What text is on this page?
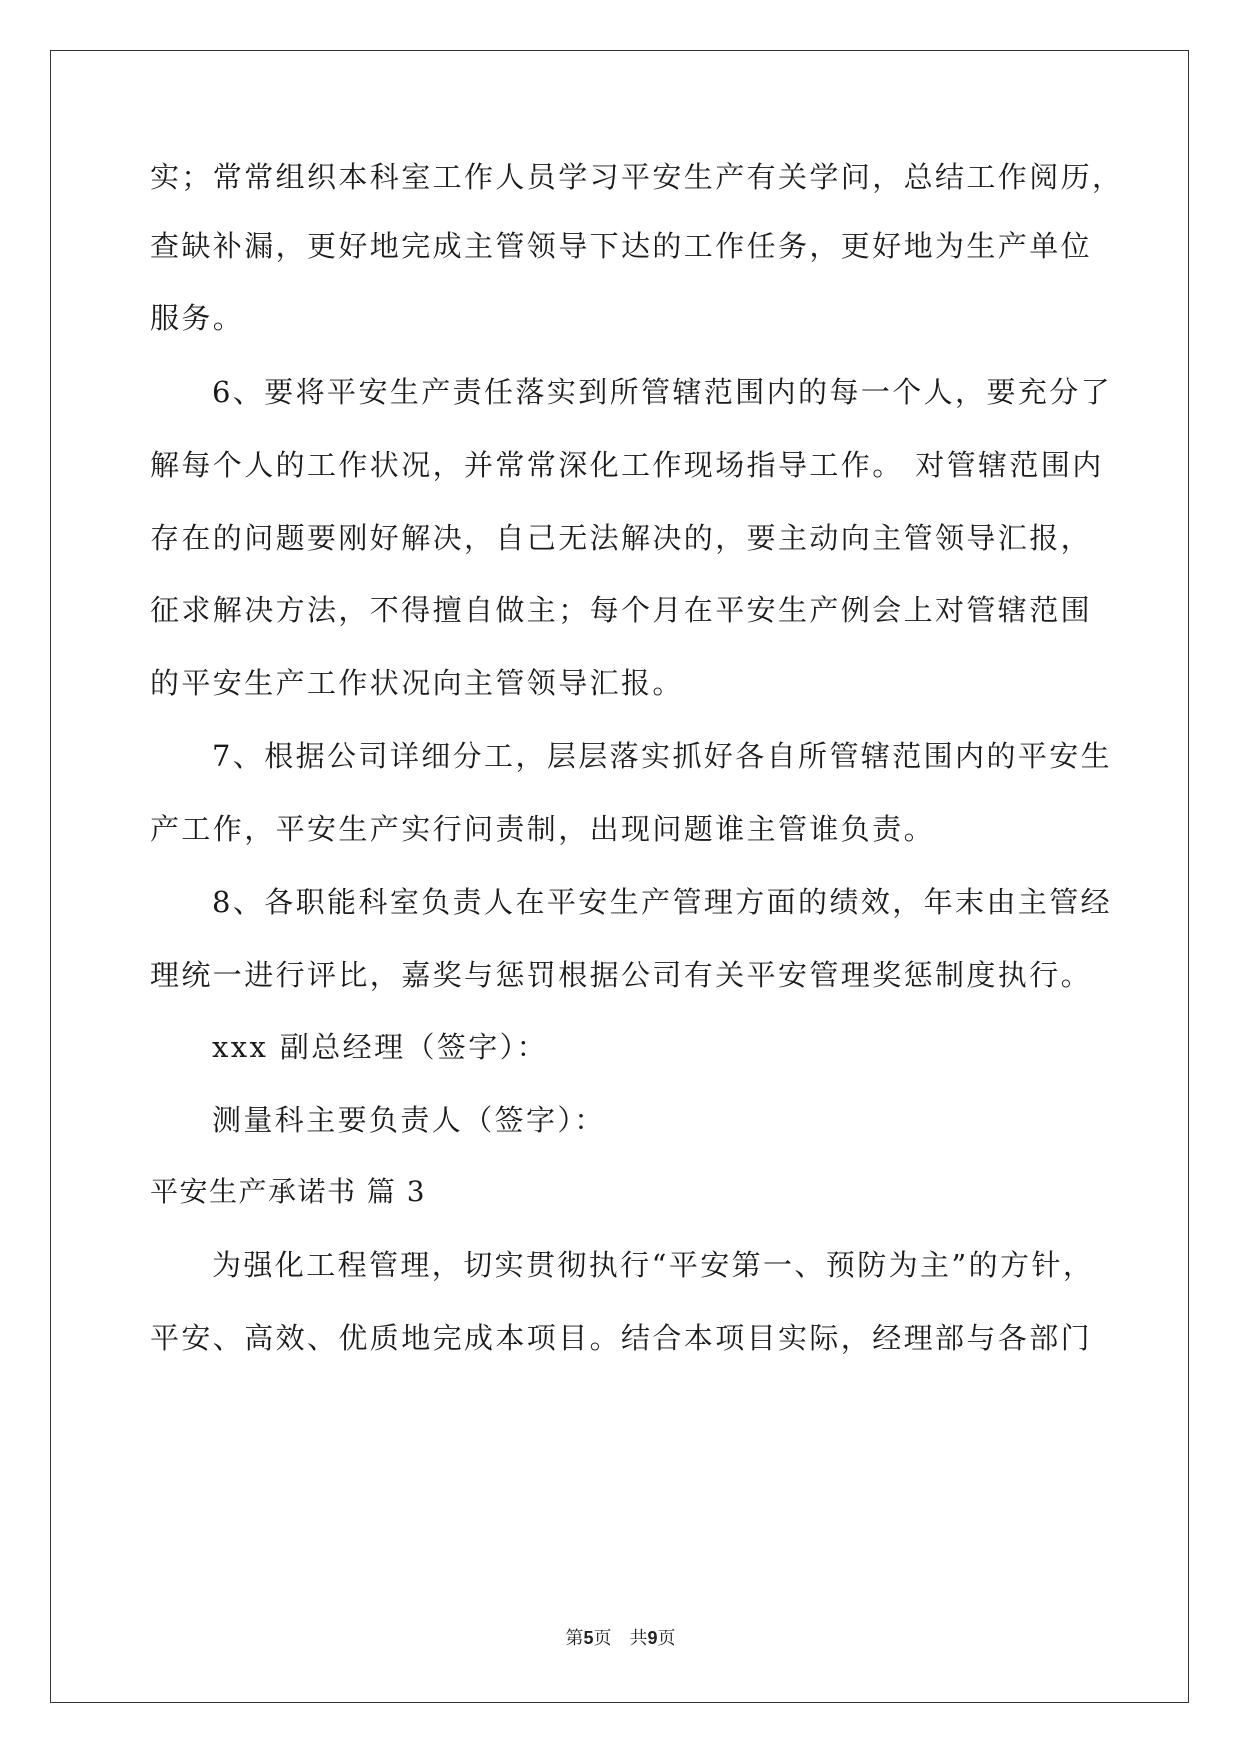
实；常常组织本科室工作人员学习平安生产有关学问，总结工作阅历，
查缺补漏，更好地完成主管领导下达的工作任务，更好地为生产单位
服务。
6、要将平安生产责任落实到所管辖范围内的每一个人，要充分了
解每个人的工作状况，并常常深化工作现场指导工作。 对管辖范围内
存在的问题要刚好解决，自己无法解决的，要主动向主管领导汇报，
征求解决方法，不得擅自做主；每个月在平安生产例会上对管辖范围
的平安生产工作状况向主管领导汇报。
7、根据公司详细分工，层层落实抓好各自所管辖范围内的平安生
产工作，平安生产实行问责制，出现问题谁主管谁负责。
8、各职能科室负责人在平安生产管理方面的绩效，年末由主管经
理统一进行评比，嘉奖与惩罚根据公司有关平安管理奖惩制度执行。
xxx 副总经理（签字）：
测量科主要负责人（签字）：
平安生产承诺书 篇 3
为强化工程管理，切实贯彻执行“平安第一、预防为主”的方针，
平安、高效、优质地完成本项目。结合本项目实际，经理部与各部门
第5页　共9页
